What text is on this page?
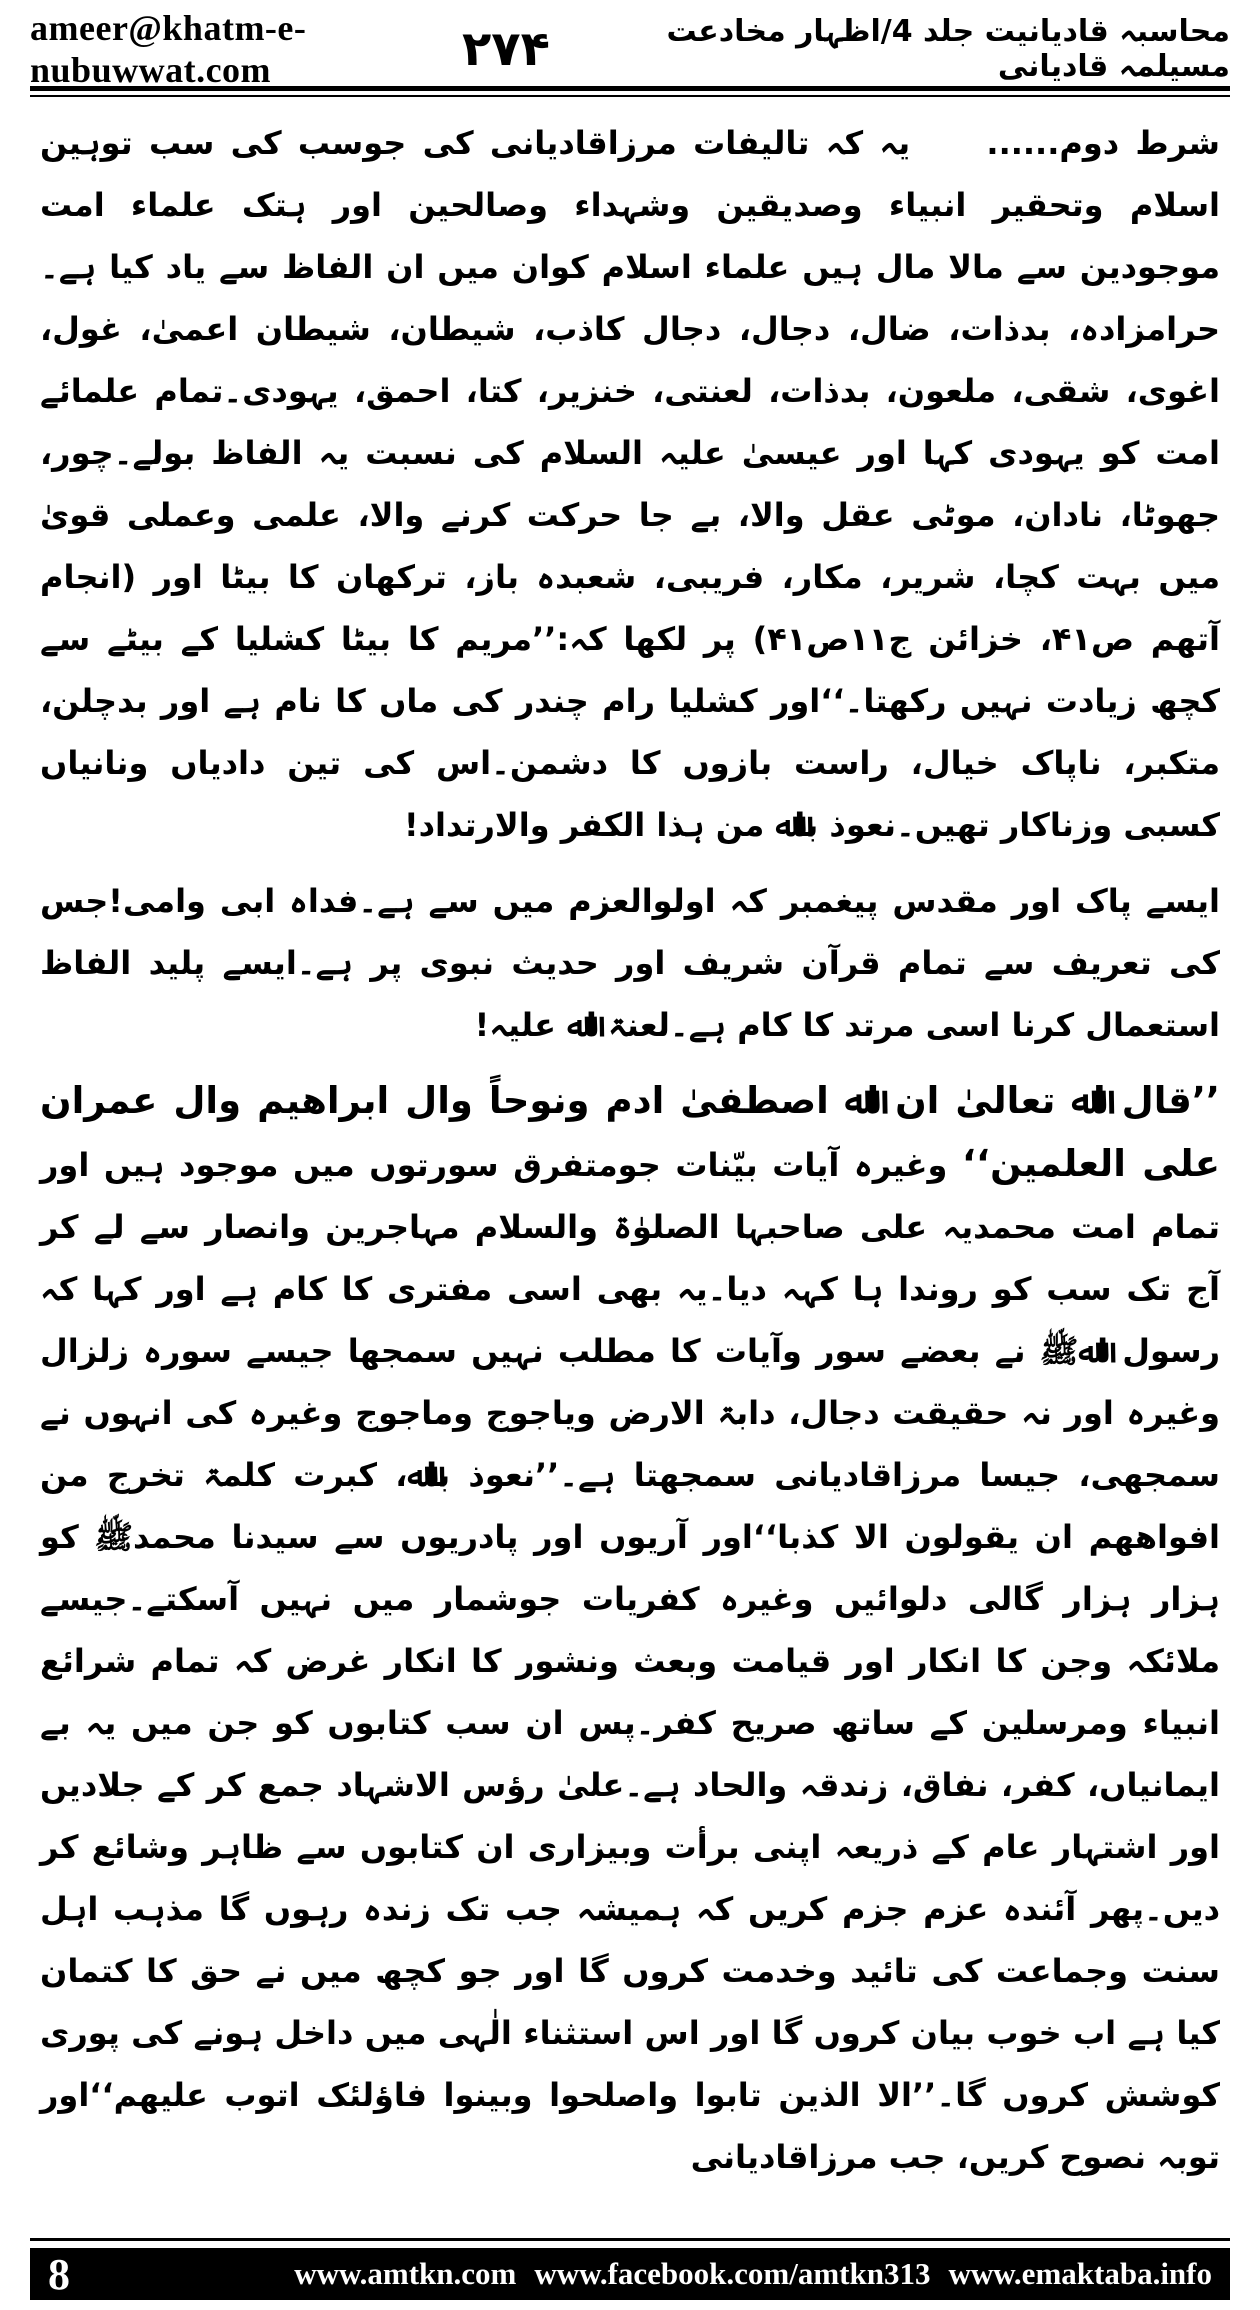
ameer@khatm-e-nubuwwat.com
محاسبہ قادیانیت جلد 4/اظہار مخادعت مسیلمہ قادیانی
۲۷۴

شرط دوم...... یہ کہ تالیفات مرزاقادیانی کی جوسب کی سب توہین اسلام وتحقیر انبیاء وصدیقین وشہداء وصالحین اور ہتک علماء امت موجودین سے مالا مال ہیں علماء اسلام کوان میں ان الفاظ سے یاد کیا ہے۔حرامزادہ، بدذات، ضال، دجال، دجال کاذب، شیطان، شیطان اعمیٰ، غول، اغوی، شقی، ملعون، بدذات، لعنتی، خنزیر، کتا، احمق، یہودی۔تمام علمائے امت کو یہودی کہا اور عیسیٰ علیہ السلام کی نسبت یہ الفاظ بولے۔چور، جھوٹا، نادان، موٹی عقل والا، بے جا حرکت کرنے والا، علمی وعملی قویٰ میں بہت کچا، شریر، مکار، فریبی، شعبدہ باز، ترکھان کا بیٹا اور (انجام آتھم ص۴۱، خزائن ج۱۱ص۴۱) پر لکھا کہ:’’مریم کا بیٹا کشلیا کے بیٹے سے کچھ زیادت نہیں رکھتا۔‘‘اور کشلیا رام چندر کی ماں کا نام ہے اور بدچلن، متکبر، ناپاک خیال، راست بازوں کا دشمن۔اس کی تین دادیاں ونانیاں کسبی وزناکار تھیں۔نعوذ باﷲ من ہذا الکفر والارتداد!

ایسے پاک اور مقدس پیغمبر کہ اولوالعزم میں سے ہے۔فداہ ابی وامی!جس کی تعریف سے تمام قرآن شریف اور حدیث نبوی پر ہے۔ایسے پلید الفاظ استعمال کرنا اسی مرتد کا کام ہے۔لعنۃ اﷲ علیہ!

’’قال اﷲ تعالیٰ ان اﷲ اصطفیٰ ادم ونوحاً وال ابراھیم وال عمران علی العلمین‘‘ وغیرہ آیات بیّنات جومتفرق سورتوں میں موجود ہیں اور تمام امت محمدیہ علی صاحبہا الصلوٰۃ والسلام مہاجرین وانصار سے لے کر آج تک سب کو روندا ہا کہہ دیا۔یہ بھی اسی مفتری کا کام ہے اور کہا کہ رسول اﷲﷺ نے بعضے سور وآیات کا مطلب نہیں سمجھا جیسے سورہ زلزال وغیرہ اور نہ حقیقت دجال، دابۃ الارض ویاجوج وماجوج وغیرہ کی انہوں نے سمجھی، جیسا مرزاقادیانی سمجھتا ہے۔’’نعوذ باﷲ، کبرت کلمۃ تخرج من افواھھم ان یقولون الا کذبا‘‘اور آریوں اور پادریوں سے سیدنا محمدﷺ کو ہزار ہزار گالی دلوائیں وغیرہ کفریات جوشمار میں نہیں آسکتے۔جیسے ملائکہ وجن کا انکار اور قیامت وبعث ونشور کا انکار غرض کہ تمام شرائع انبیاء ومرسلین کے ساتھ صریح کفر۔پس ان سب کتابوں کو جن میں یہ بے ایمانیاں، کفر، نفاق، زندقہ والحاد ہے۔علیٰ رؤس الاشہاد جمع کر کے جلادیں اور اشتہار عام کے ذریعہ اپنی برأت وبیزاری ان کتابوں سے ظاہر وشائع کر دیں۔پھر آئندہ عزم جزم کریں کہ ہمیشہ جب تک زندہ رہوں گا مذہب اہل سنت وجماعت کی تائید وخدمت کروں گا اور جو کچھ میں نے حق کا کتمان کیا ہے اب خوب بیان کروں گا اور اس استثناء الٰہی میں داخل ہونے کی پوری کوشش کروں گا۔’’الا الذین تابوا واصلحوا وبینوا فاؤلئک اتوب علیھم‘‘اور توبہ نصوح کریں، جب مرزاقادیانی

8	www.amtkn.com www.facebook.com/amtkn313 www.emaktaba.info
